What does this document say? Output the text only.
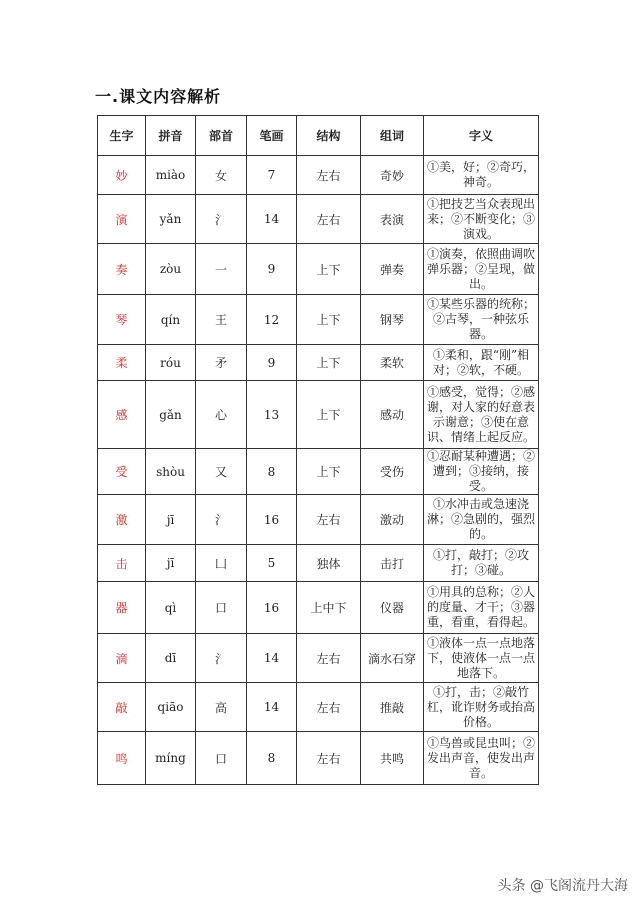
一.课文内容解析
生字	拼音	部首	笔画	结构	组词	字义
妙	miào	女	7	左右	奇妙	①美，好；②奇巧，神奇。
演	yǎn	氵	14	左右	表演	①把技艺当众表现出来；②不断变化；③演戏。
奏	zòu	一	9	上下	弹奏	①演奏，依照曲调吹弹乐器；②呈现，做出。
琴	qín	王	12	上下	钢琴	①某些乐器的统称；②古琴，一种弦乐器。
柔	róu	矛	9	上下	柔软	①柔和，跟“刚”相对；②软，不硬。
感	gǎn	心	13	上下	感动	①感受，觉得；②感谢，对人家的好意表示谢意；③使在意识、情绪上起反应。
受	shòu	又	8	上下	受伤	①忍耐某种遭遇；②遭到；③接纳，接受。
激	jī	氵	16	左右	激动	①水冲击或急速浇淋；②急剧的，强烈的。
击	jī	凵	5	独体	击打	①打，敲打；②攻打；③碰。
器	qì	口	16	上中下	仪器	①用具的总称；②人的度量、才干；③器重，看重，看得起。
滴	dī	氵	14	左右	滴水石穿	①液体一点一点地落下，使液体一点一点地落下。
敲	qiāo	高	14	左右	推敲	①打，击；②敲竹杠，讹诈财务或抬高价格。
鸣	míng	口	8	左右	共鸣	①鸟兽或昆虫叫；②发出声音，使发出声音。
头条 @飞阁流丹大海
